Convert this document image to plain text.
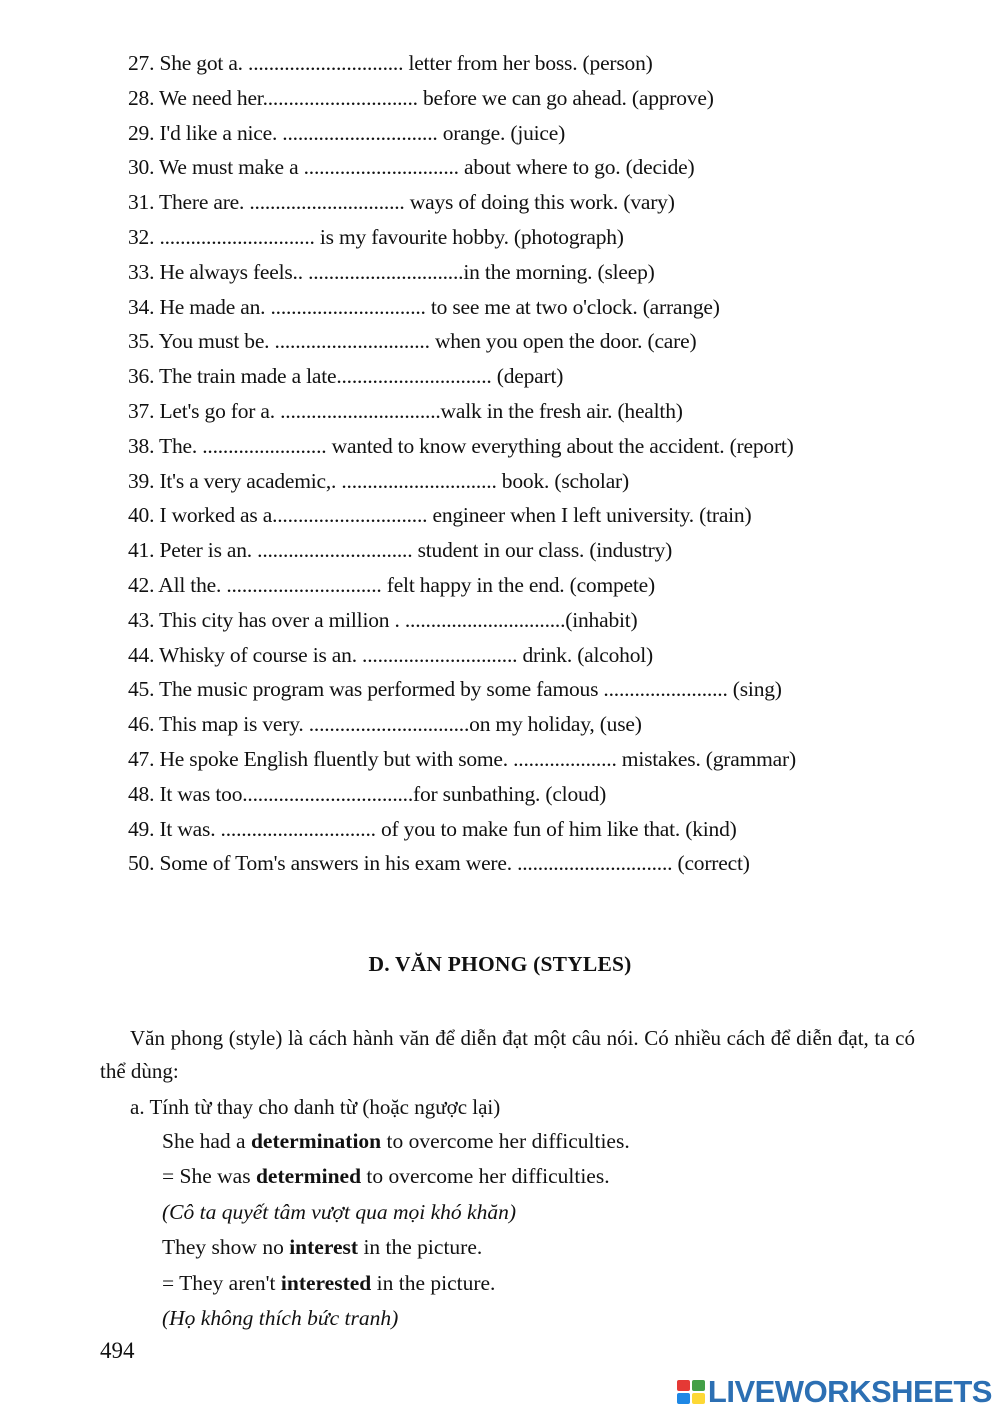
27. She got a. .............................. letter from her boss. (person)
28. We need her.............................. before we can go ahead. (approve)
29. I'd like a nice. .............................. orange. (juice)
30. We must make a .............................. about where to go. (decide)
31. There are. .............................. ways of doing this work. (vary)
32. .............................. is my favourite hobby. (photograph)
33. He always feels.. ..............................in the morning. (sleep)
34. He made an. .............................. to see me at two o'clock. (arrange)
35. You must be. .............................. when you open the door. (care)
36. The train made a late.............................. (depart)
37. Let's go for a. ...............................walk in the fresh air. (health)
38. The. ........................ wanted to know everything about the accident. (report)
39. It's a very academic,. .............................. book. (scholar)
40. I worked as a.............................. engineer when I left university. (train)
41. Peter is an. .............................. student in our class. (industry)
42. All the. .............................. felt happy in the end. (compete)
43. This city has over a million . ...............................(inhabit)
44. Whisky of course is an. .............................. drink. (alcohol)
45. The music program was performed by some famous ........................ (sing)
46. This map is very. ...............................on my holiday, (use)
47. He spoke English fluently but with some. .................... mistakes. (grammar)
48. It was too.................................for sunbathing. (cloud)
49. It was. .............................. of you to make fun of him like that. (kind)
50. Some of Tom's answers in his exam were. .............................. (correct)
D. VĂN PHONG (STYLES)
Văn phong (style) là cách hành văn để diễn đạt một câu nói. Có nhiều cách để diễn đạt, ta có thể dùng:
a. Tính từ thay cho danh từ (hoặc ngược lại)
She had a determination to overcome her difficulties.
= She was determined to overcome her difficulties.
(Cô ta quyết tâm vượt qua mọi khó khăn)
They show no interest in the picture.
= They aren't interested in the picture.
(Họ không thích bức tranh)
494
LIVEWORKSHEETS
